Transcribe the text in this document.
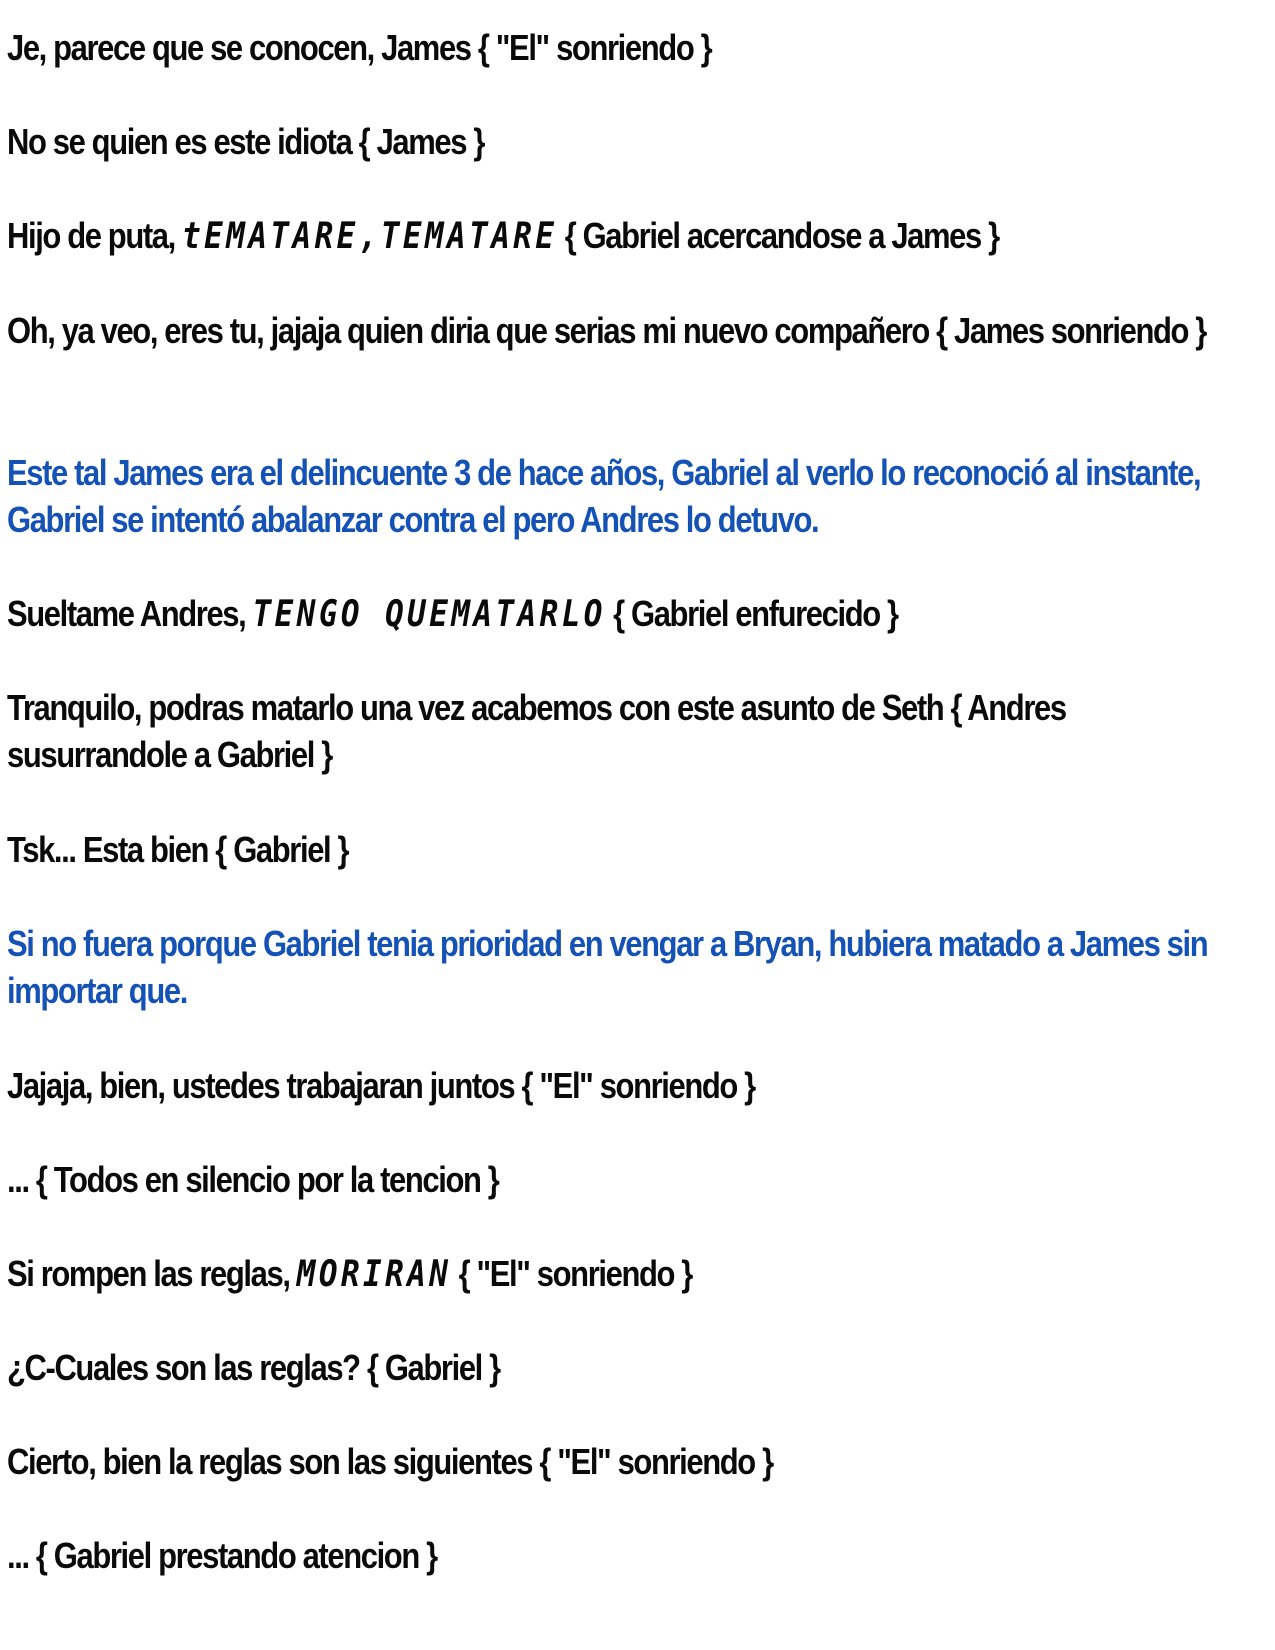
Je, parece que se conocen, James { "El" sonriendo }

No se quien es este idiota { James }

Hijo de puta, tEMATARE,TEMATARE { Gabriel acercandose a James }

Oh, ya veo, eres tu, jajaja quien diria que serias mi nuevo compañero { James sonriendo }

Este tal James era el delincuente 3 de hace años, Gabriel al verlo lo reconoció al instante, Gabriel se intentó abalanzar contra el pero Andres lo detuvo.

Sueltame Andres, TENGO QUEMATARLO { Gabriel enfurecido }

Tranquilo, podras matarlo una vez acabemos con este asunto de Seth { Andres susurrandole a Gabriel }

Tsk... Esta bien { Gabriel }

Si no fuera porque Gabriel tenia prioridad en vengar a Bryan, hubiera matado a James sin importar que.

Jajaja, bien, ustedes trabajaran juntos { "El" sonriendo }

... { Todos en silencio por la tencion }

Si rompen las reglas, MORIRAN { "El" sonriendo }

¿C-Cuales son las reglas? { Gabriel }

Cierto, bien la reglas son las siguientes { "El" sonriendo }

... { Gabriel prestando atencion }
